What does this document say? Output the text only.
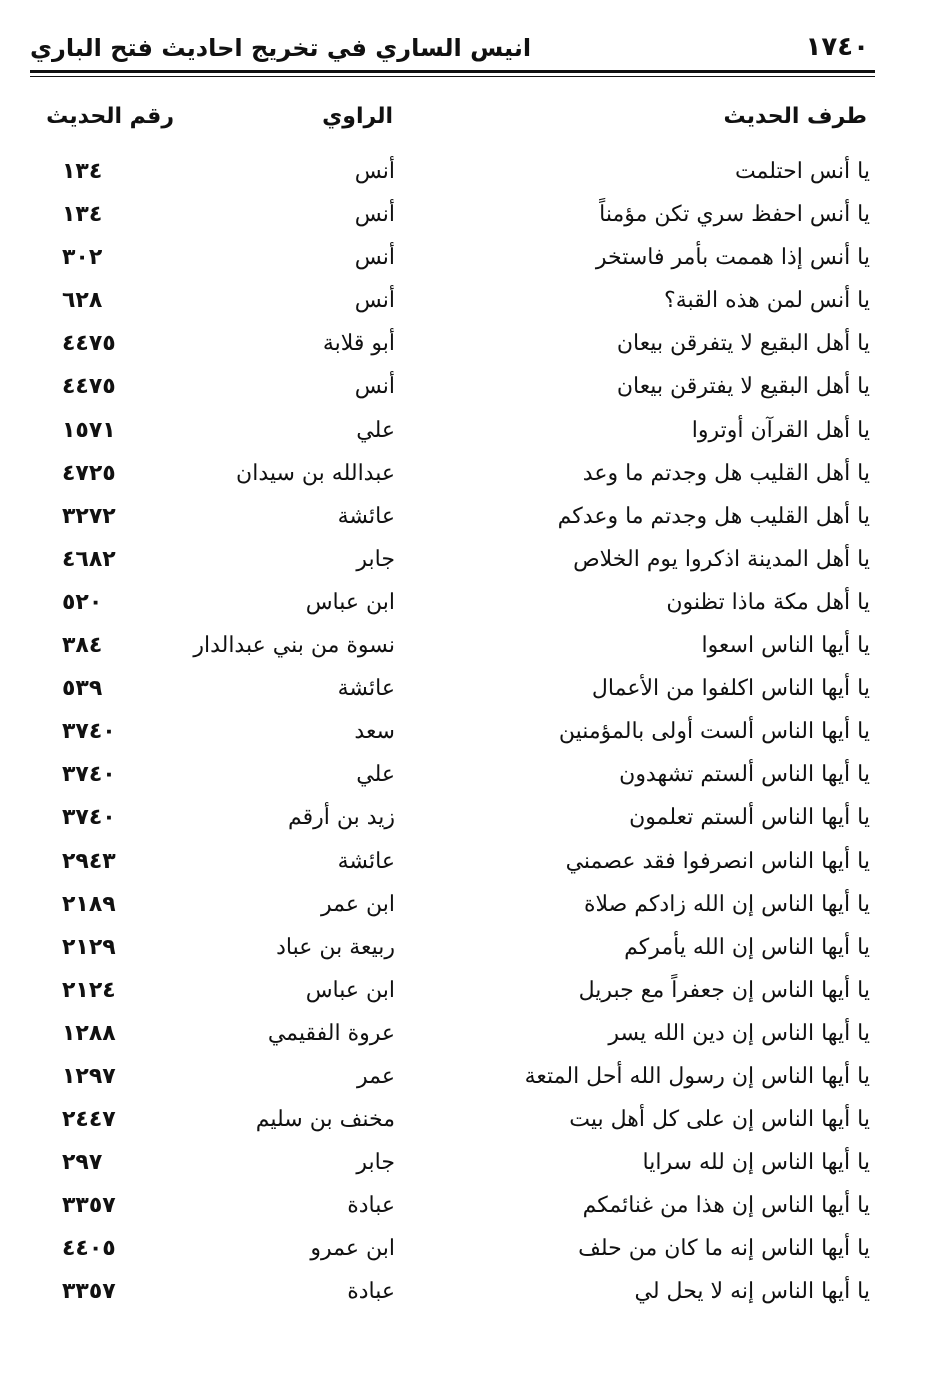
انيس الساري في تخريج احاديث فتح الباري	١٧٤٠
طرف الحديث
الراوي
رقم الحديث
يا أنس احتلمت
أنس
١٣٤
يا أنس احفظ سري تكن مؤمناً
أنس
١٣٤
يا أنس إذا هممت بأمر فاستخر
أنس
٣٠٢
يا أنس لمن هذه القبة؟
أنس
٦٢٨
يا أهل البقيع لا يتفرقن بيعان
أبو قلابة
٤٤٧٥
يا أهل البقيع لا يفترقن بيعان
أنس
٤٤٧٥
يا أهل القرآن أوتروا
علي
١٥٧١
يا أهل القليب هل وجدتم ما وعد
عبدالله بن سيدان
٤٧٢٥
يا أهل القليب هل وجدتم ما وعدكم
عائشة
٣٢٧٢
يا أهل المدينة اذكروا يوم الخلاص
جابر
٤٦٨٢
يا أهل مكة ماذا تظنون
ابن عباس
٥٢٠
يا أيها الناس اسعوا
نسوة من بني عبدالدار
٣٨٤
يا أيها الناس اكلفوا من الأعمال
عائشة
٥٣٩
يا أيها الناس ألست أولى بالمؤمنين
سعد
٣٧٤٠
يا أيها الناس ألستم تشهدون
علي
٣٧٤٠
يا أيها الناس ألستم تعلمون
زيد بن أرقم
٣٧٤٠
يا أيها الناس انصرفوا فقد عصمني
عائشة
٢٩٤٣
يا أيها الناس إن الله زادكم صلاة
ابن عمر
٢١٨٩
يا أيها الناس إن الله يأمركم
ربيعة بن عباد
٢١٢٩
يا أيها الناس إن جعفراً مع جبريل
ابن عباس
٢١٢٤
يا أيها الناس إن دين الله يسر
عروة الفقيمي
١٢٨٨
يا أيها الناس إن رسول الله أحل المتعة
عمر
١٢٩٧
يا أيها الناس إن على كل أهل بيت
مخنف بن سليم
٢٤٤٧
يا أيها الناس إن لله سرايا
جابر
٢٩٧
يا أيها الناس إن هذا من غنائمكم
عبادة
٣٣٥٧
يا أيها الناس إنه ما كان من حلف
ابن عمرو
٤٤٠٥
يا أيها الناس إنه لا يحل لي
عبادة
٣٣٥٧
